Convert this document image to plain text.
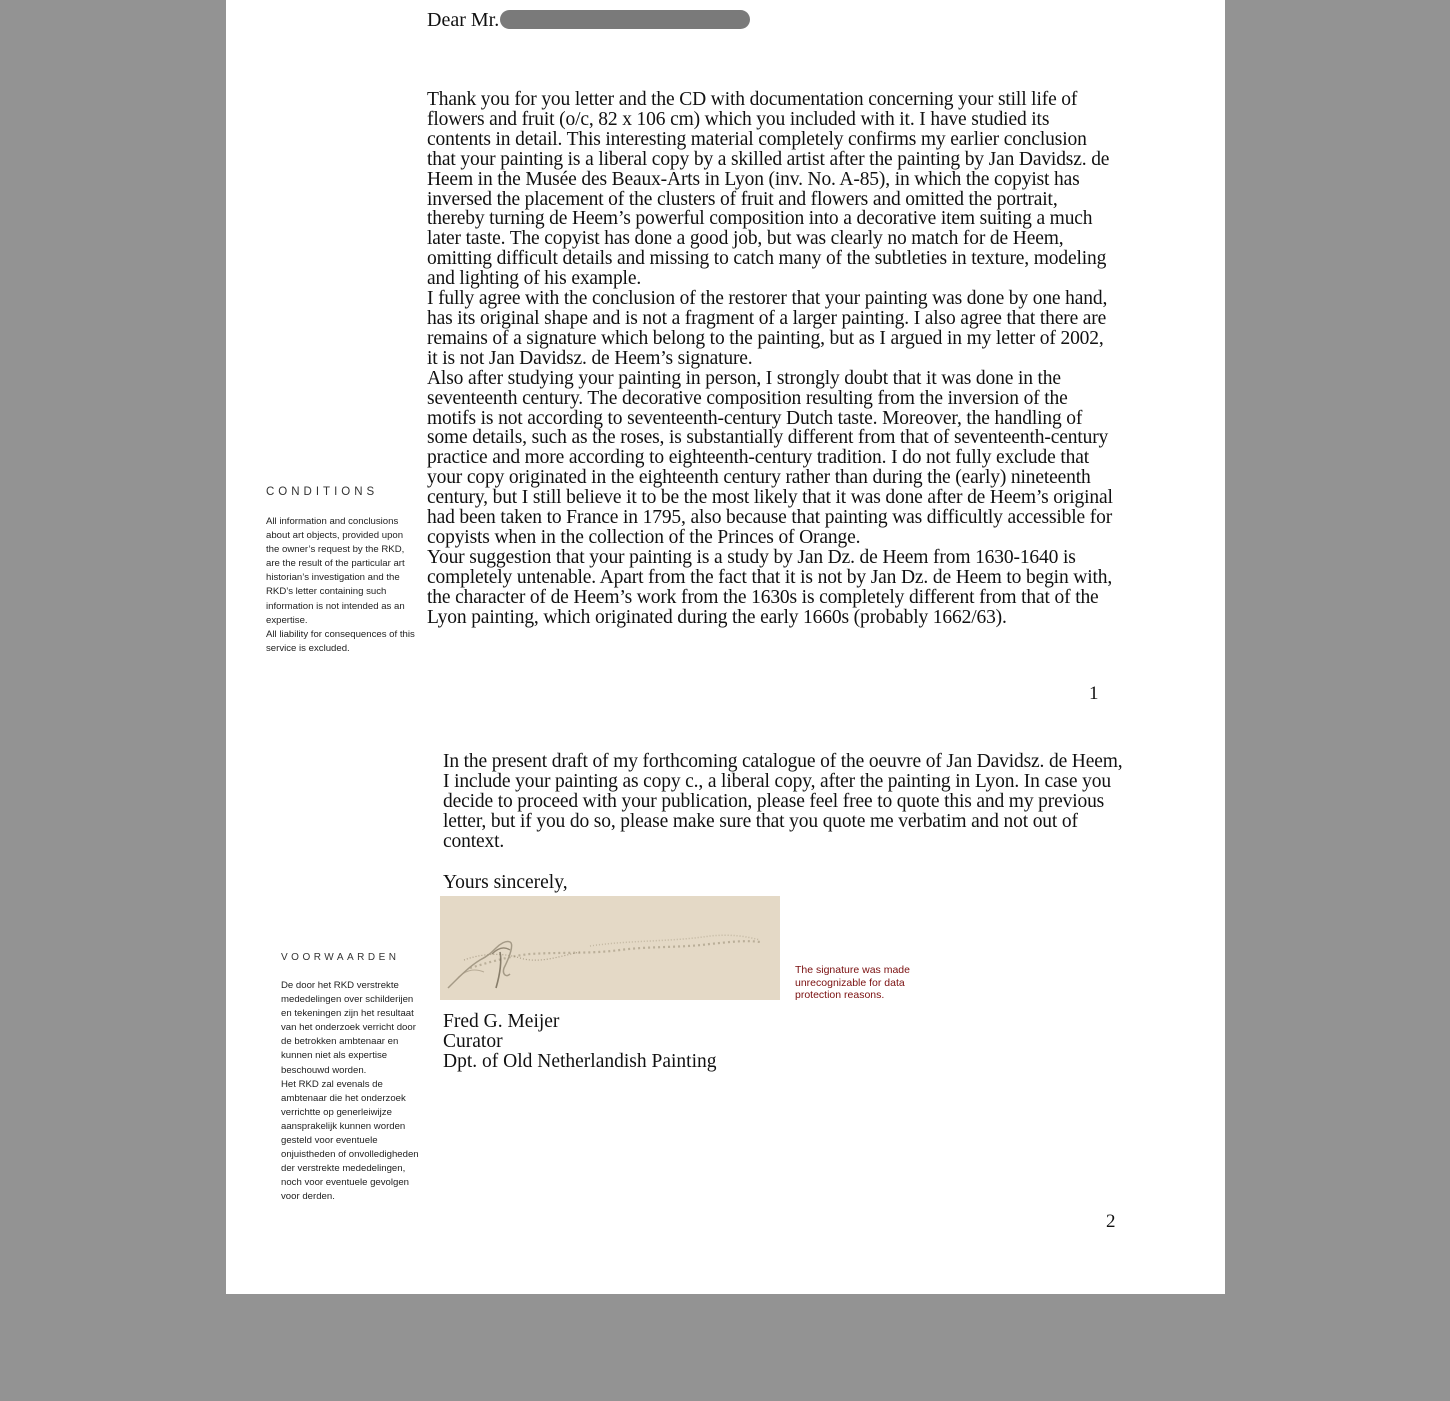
Dear Mr.

Thank you for you letter and the CD with documentation concerning your still life of flowers and fruit (o/c, 82 x 106 cm) which you included with it. I have studied its contents in detail. This interesting material completely confirms my earlier conclusion that your painting is a liberal copy by a skilled artist after the painting by Jan Davidsz. de Heem in the Musée des Beaux-Arts in Lyon (inv. No. A-85), in which the copyist has inversed the placement of the clusters of fruit and flowers and omitted the portrait, thereby turning de Heem’s powerful composition into a decorative item suiting a much later taste. The copyist has done a good job, but was clearly no match for de Heem, omitting difficult details and missing to catch many of the subtleties in texture, modeling and lighting of his example.

I fully agree with the conclusion of the restorer that your painting was done by one hand, has its original shape and is not a fragment of a larger painting. I also agree that there are remains of a signature which belong to the painting, but as I argued in my letter of 2002, it is not Jan Davidsz. de Heem’s signature.

Also after studying your painting in person, I strongly doubt that it was done in the seventeenth century. The decorative composition resulting from the inversion of the motifs is not according to seventeenth-century Dutch taste. Moreover, the handling of some details, such as the roses, is substantially different from that of seventeenth-century practice and more according to eighteenth-century tradition. I do not fully exclude that your copy originated in the eighteenth century rather than during the (early) nineteenth century, but I still believe it to be the most likely that it was done after de Heem’s original had been taken to France in 1795, also because that painting was difficultly accessible for copyists when in the collection of the Princes of Orange.

Your suggestion that your painting is a study by Jan Dz. de Heem from 1630-1640 is completely untenable. Apart from the fact that it is not by Jan Dz. de Heem to begin with, the character of de Heem’s work from the 1630s is completely different from that of the Lyon painting, which originated during the early 1660s (probably 1662/63).

1
CONDITIONS

All information and conclusions about art objects, provided upon the owner’s request by the RKD, are the result of the particular art historian’s investigation and the RKD’s letter containing such information is not intended as an expertise.

All liability for consequences of this service is excluded.

In the present draft of my forthcoming catalogue of the oeuvre of Jan Davidsz. de Heem, I include your painting as copy c., a liberal copy, after the painting in Lyon. In case you decide to proceed with your publication, please feel free to quote this and my previous letter, but if you do so, please make sure that you quote me verbatim and not out of context.

Yours sincerely,
The signature was made unrecognizable for data protection reasons.
Fred G. Meijer
Curator
Dpt. of Old Netherlandish Painting
VOORWAARDEN

De door het RKD verstrekte mededelingen over schilderijen en tekeningen zijn het resultaat van het onderzoek verricht door de betrokken ambtenaar en kunnen niet als expertise beschouwd worden.

Het RKD zal evenals de ambtenaar die het onderzoek verrichtte op generleiwijze aansprakelijk kunnen worden gesteld voor eventuele onjuistheden of onvolledigheden der verstrekte mededelingen, noch voor eventuele gevolgen voor derden.

2
